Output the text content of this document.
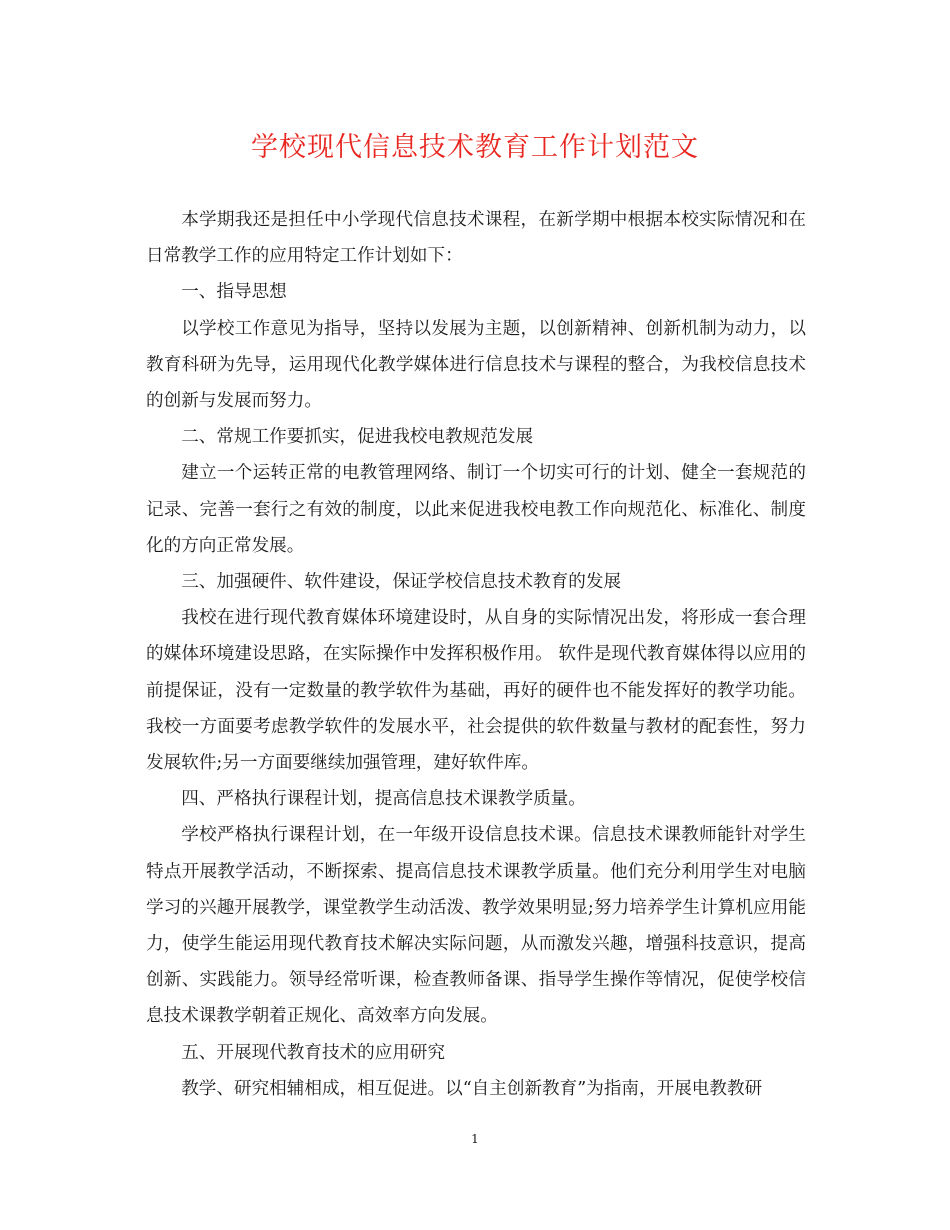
学校现代信息技术教育工作计划范文

本学期我还是担任中小学现代信息技术课程，在新学期中根据本校实际情况和在日常教学工作的应用特定工作计划如下：

一、指导思想

以学校工作意见为指导，坚持以发展为主题，以创新精神、创新机制为动力，以教育科研为先导，运用现代化教学媒体进行信息技术与课程的整合，为我校信息技术的创新与发展而努力。

二、常规工作要抓实，促进我校电教规范发展

建立一个运转正常的电教管理网络、制订一个切实可行的计划、健全一套规范的记录、完善一套行之有效的制度，以此来促进我校电教工作向规范化、标准化、制度化的方向正常发展。

三、加强硬件、软件建设，保证学校信息技术教育的发展

我校在进行现代教育媒体环境建设时，从自身的实际情况出发，将形成一套合理的媒体环境建设思路，在实际操作中发挥积极作用。 软件是现代教育媒体得以应用的前提保证，没有一定数量的教学软件为基础，再好的硬件也不能发挥好的教学功能。我校一方面要考虑教学软件的发展水平，社会提供的软件数量与教材的配套性，努力发展软件;另一方面要继续加强管理，建好软件库。

四、严格执行课程计划，提高信息技术课教学质量。

学校严格执行课程计划，在一年级开设信息技术课。信息技术课教师能针对学生特点开展教学活动，不断探索、提高信息技术课教学质量。他们充分利用学生对电脑学习的兴趣开展教学，课堂教学生动活泼、教学效果明显;努力培养学生计算机应用能力，使学生能运用现代教育技术解决实际问题，从而激发兴趣，增强科技意识，提高创新、实践能力。领导经常听课，检查教师备课、指导学生操作等情况，促使学校信息技术课教学朝着正规化、高效率方向发展。

五、开展现代教育技术的应用研究

教学、研究相辅相成，相互促进。以“自主创新教育”为指南，开展电教教研

1
